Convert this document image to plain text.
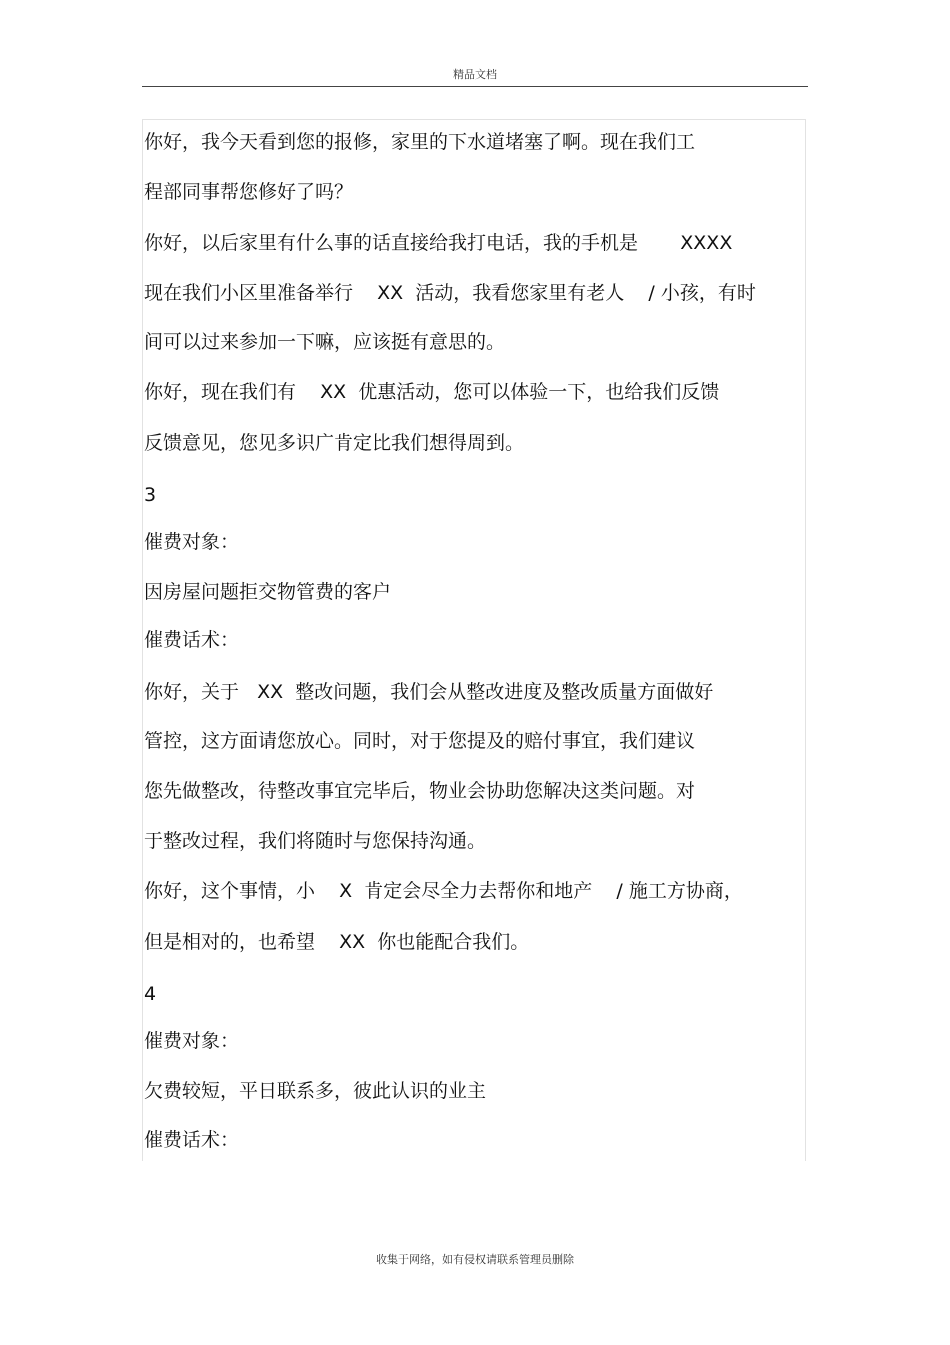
精品文档
你好，我今天看到您的报修，家里的下水道堵塞了啊。现在我们工
程部同事帮您修好了吗？
你好，以后家里有什么事的话直接给我打电话，我的手机是       XXXX
现在我们小区里准备举行    XX  活动，我看您家里有老人    / 小孩，有时
间可以过来参加一下嘛，应该挺有意思的。
你好，现在我们有    XX  优惠活动，您可以体验一下，也给我们反馈
反馈意见，您见多识广肯定比我们想得周到。
3
催费对象：
因房屋问题拒交物管费的客户
催费话术：
你好，关于   XX  整改问题，我们会从整改进度及整改质量方面做好
管控，这方面请您放心。同时，对于您提及的赔付事宜，我们建议
您先做整改，待整改事宜完毕后，物业会协助您解决这类问题。对
于整改过程，我们将随时与您保持沟通。
你好，这个事情，小    X  肯定会尽全力去帮你和地产    / 施工方协商，
但是相对的，也希望    XX  你也能配合我们。
4
催费对象：
欠费较短，平日联系多，彼此认识的业主
催费话术：
收集于网络，如有侵权请联系管理员删除
